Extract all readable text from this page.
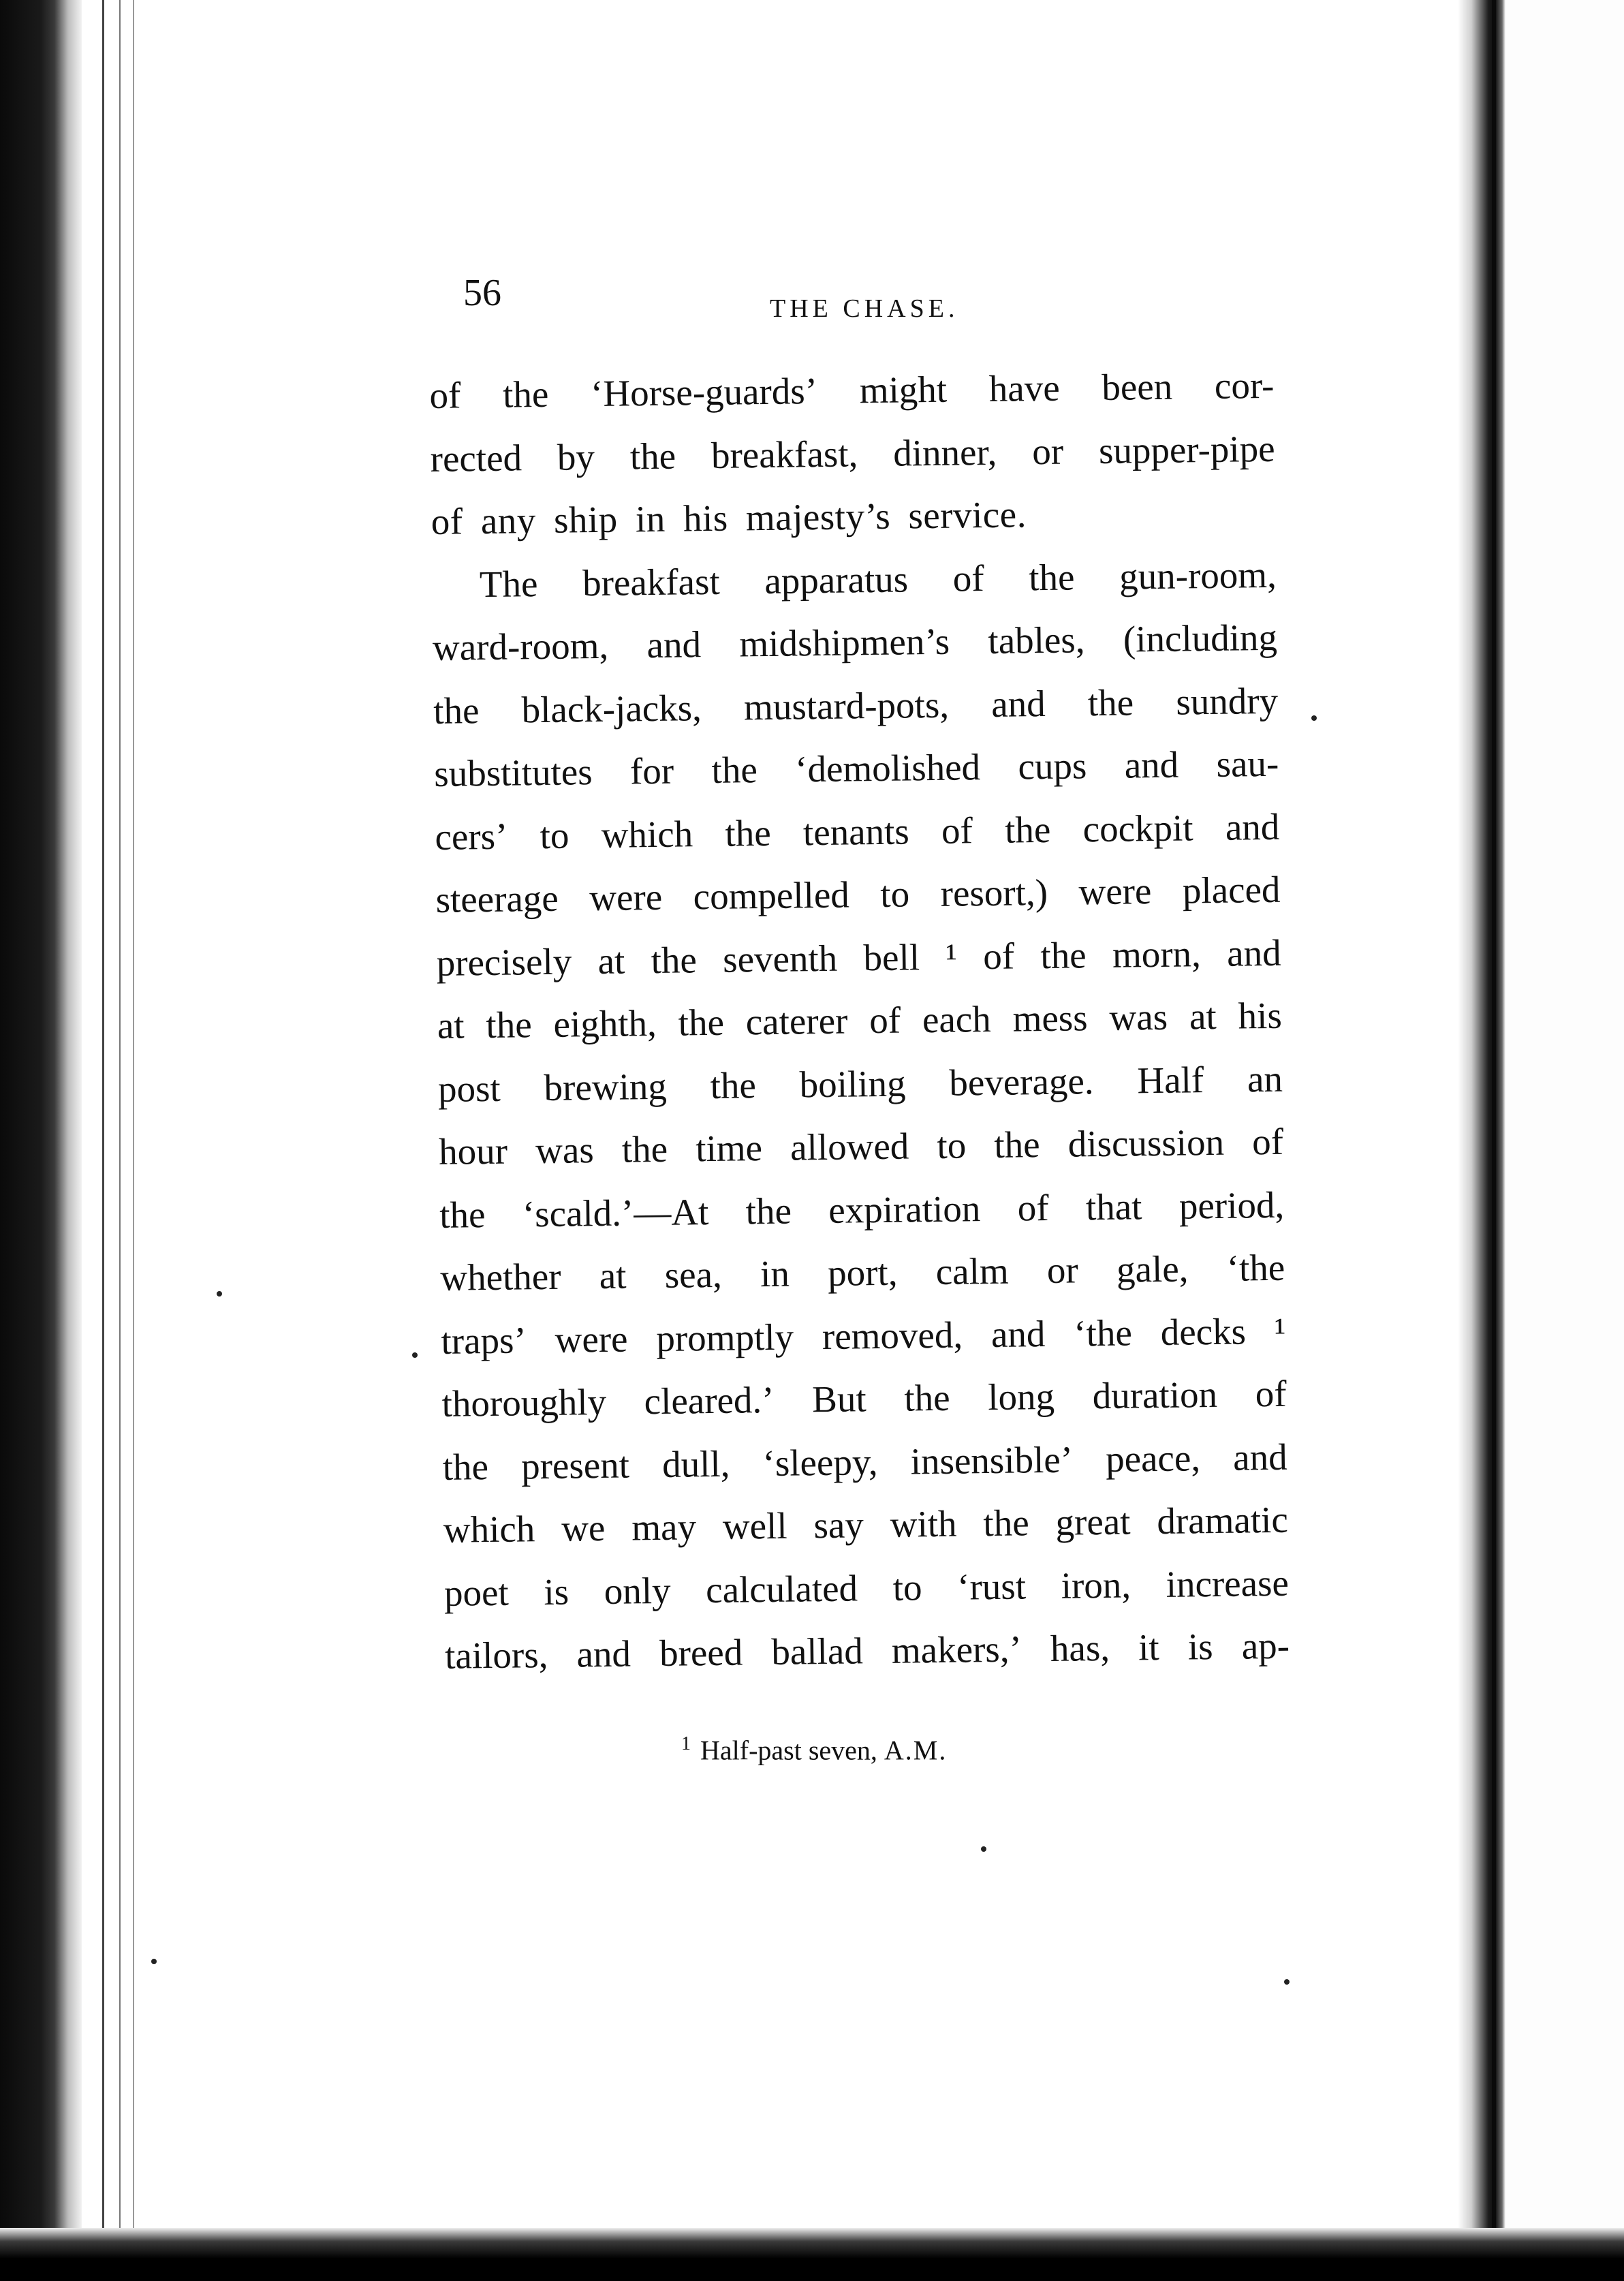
56	THE CHASE.
of the ‘Horse-guards’ might have been cor-
rected by the breakfast, dinner, or supper-pipe
of any ship in his majesty’s service.
The breakfast apparatus of the gun-room,
ward-room, and midshipmen’s tables, (including
the black-jacks, mustard-pots, and the sundry
substitutes for the ‘demolished cups and sau-
cers’ to which the tenants of the cockpit and
steerage were compelled to resort,) were placed
precisely at the seventh bell ¹ of the morn, and
at the eighth, the caterer of each mess was at his
post brewing the boiling beverage. Half an
hour was the time allowed to the discussion of
the ‘scald.’—At the expiration of that period,
whether at sea, in port, calm or gale, ‘the
traps’ were promptly removed, and ‘the decks ¹
thoroughly cleared.’ But the long duration of
the present dull, ‘sleepy, insensible’ peace, and
which we may well say with the great dramatic
poet is only calculated to ‘rust iron, increase
tailors, and breed ballad makers,’ has, it is ap-
$^1$ Half-past seven, A.M.
